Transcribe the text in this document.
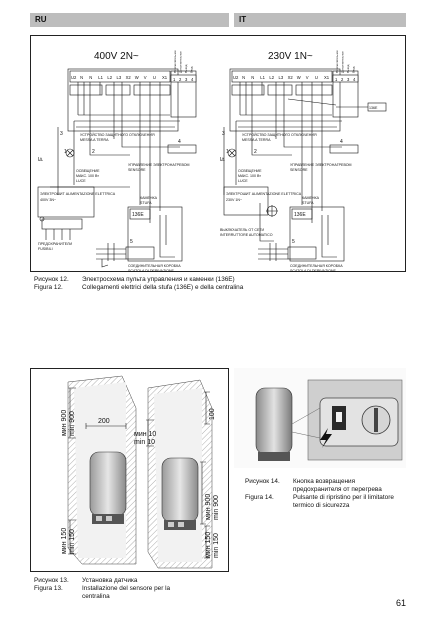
RU	IT
400V 2N~
УСТРОЙСТВО ЗАЩИТНОГО ОТКЛЮЧЕНИЯ
MESSA A TERRA
ОСВЕЩЕНИЕ
МАКС. 100 Вт
LUCE
УПРАВЛЕНИЕ ЭЛЕКТРОНАГРЕВОМ
SENSORE
ЭЛЕКТРОШИТ ALIMENTAZIONE ELETTRICA
400V 3N~
ПРЕДОХРАНИТЕЛИ
FUSIBILI
КАМЕНКА
STUFA
СОЕДИНИТЕЛЬНАЯ КОРОБКА
SCATOLA DI DERIVAZIONE
136E
I∆
1	2
3
4
5
U2 N N L1 L2 L3 X2 W V U X1 1 2 3 4
Вспомогательное Дополнительное Выход Вход
230V 1N~
136E
УСТРОЙСТВО ЗАЩИТНОГО ОТКЛЮЧЕНИЯ
MESSA A TERRA
ОСВЕЩЕНИЕ
МАКС. 100 Вт
LUCE
УПРАВЛЕНИЕ ЭЛЕКТРОНАГРЕВОМ
SENSORE
ЭЛЕКТРОШИТ ALIMENTAZIONE ELETTRICA
230V 1N~
ВЫКЛЮЧАТЕЛЬ ОТ СЕТИ
INTERRUTTORE AUTOMATICO
КАМЕНКА
STUFA
СОЕДИНИТЕЛЬНАЯ КОРОБКА
SCATOLA DI DERIVAZIONE
136E
I∆
1	2
3
4
5
U2 N N L1 L2 L3 X2 W V U X1 1 2 3 4
Вспомогательное Дополнительное Выход Вход
Рисунок 12. Электросхема пульта управления и каменки (136E)
Figura 12.	Collegamenti elettrici della stufa (136E) e della centralina
мин 900 min 900	200
мин 150 min 150
мин 10
min 10
100
мин 900 min 900
мин 150 min 150
Рисунок 13. Установка датчика
Figura 13.	Installazione del sensore per la
centralina
Рисунок 14. Кнопка возвращения
предохранителя от перегрева
Figura 14.	Pulsante di ripristino per il limitatore
termico di sicurezza
61
